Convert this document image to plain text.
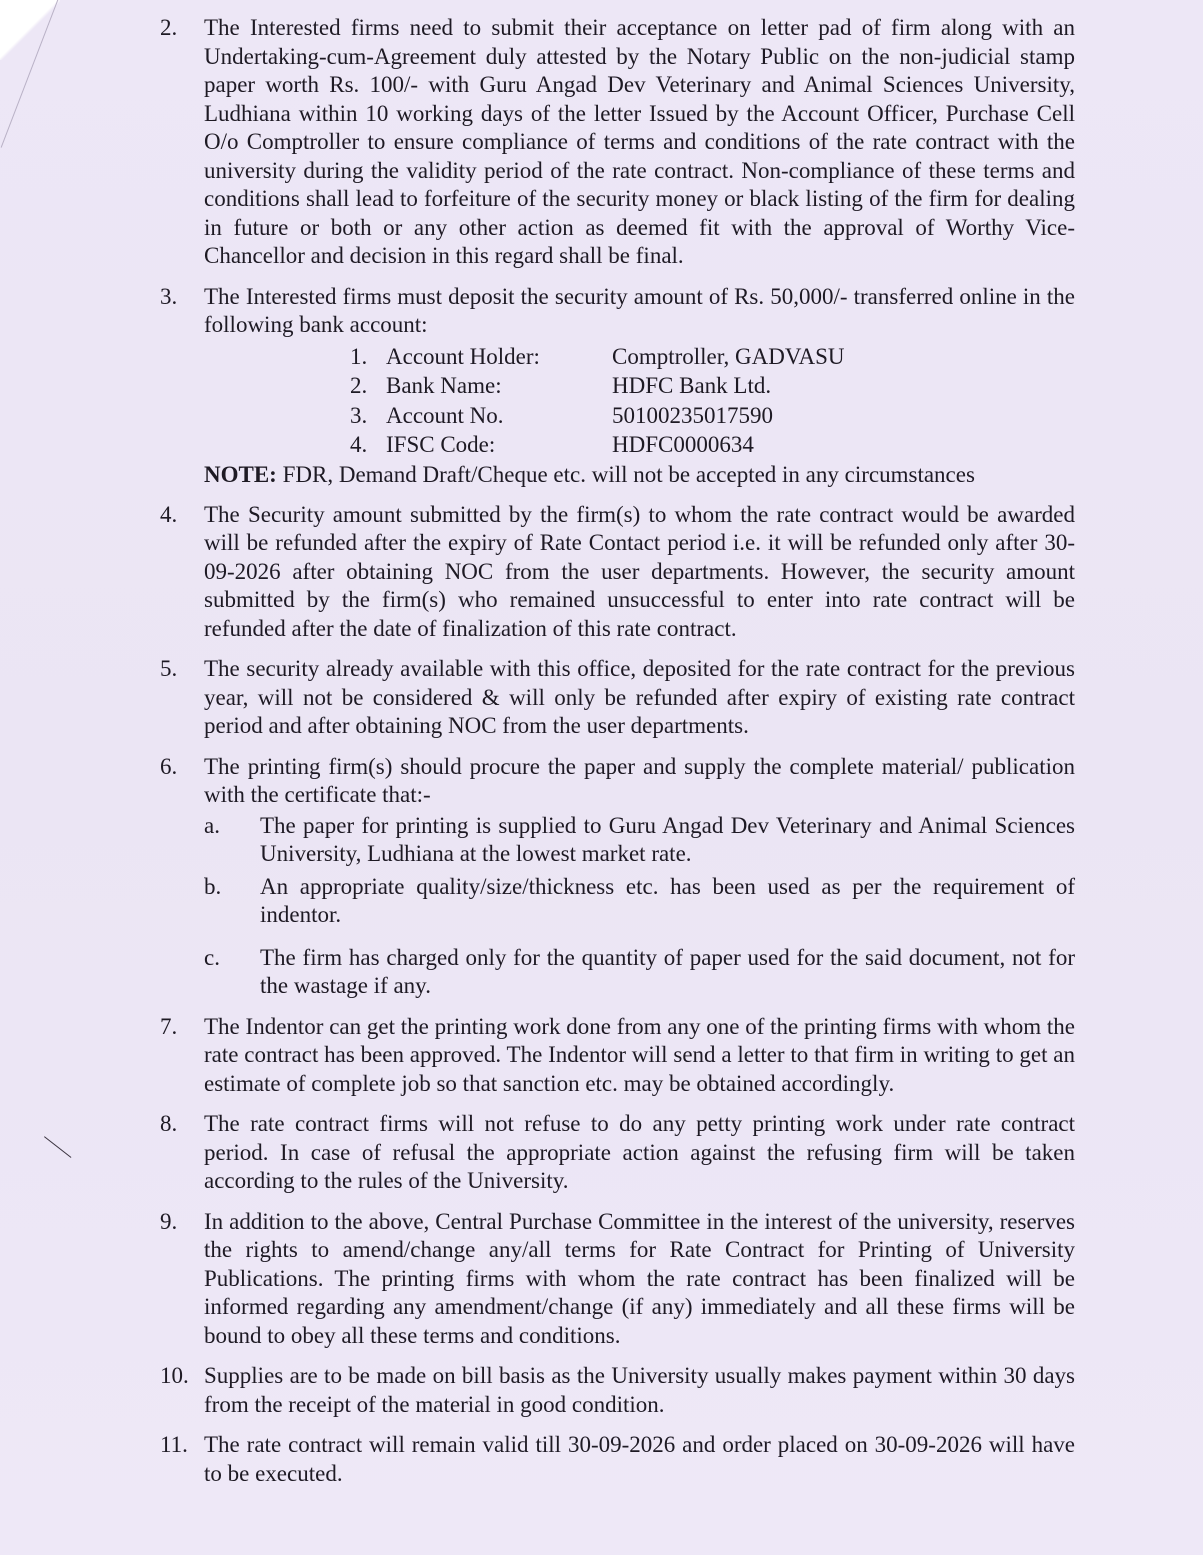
2.	The Interested firms need to submit their acceptance on letter pad of firm along with an Undertaking-cum-Agreement duly attested by the Notary Public on the non-judicial stamp paper worth Rs. 100/- with Guru Angad Dev Veterinary and Animal Sciences University, Ludhiana within 10 working days of the letter Issued by the Account Officer, Purchase Cell O/o Comptroller to ensure compliance of terms and conditions of the rate contract with the university during the validity period of the rate contract. Non-compliance of these terms and conditions shall lead to forfeiture of the security money or black listing of the firm for dealing in future or both or any other action as deemed fit with the approval of Worthy Vice-Chancellor and decision in this regard shall be final.
3.	The Interested firms must deposit the security amount of Rs. 50,000/- transferred online in the following bank account:
1. Account Holder:	Comptroller, GADVASU
2. Bank Name:	HDFC Bank Ltd.
3. Account No.	50100235017590
4. IFSC Code:	HDFC0000634
NOTE: FDR, Demand Draft/Cheque etc. will not be accepted in any circumstances
4.	The Security amount submitted by the firm(s) to whom the rate contract would be awarded will be refunded after the expiry of Rate Contact period i.e. it will be refunded only after 30-09-2026 after obtaining NOC from the user departments. However, the security amount submitted by the firm(s) who remained unsuccessful to enter into rate contract will be refunded after the date of finalization of this rate contract.
5.	The security already available with this office, deposited for the rate contract for the previous year, will not be considered & will only be refunded after expiry of existing rate contract period and after obtaining NOC from the user departments.
6.	The printing firm(s) should procure the paper and supply the complete material/ publication with the certificate that:-
a.	The paper for printing is supplied to Guru Angad Dev Veterinary and Animal Sciences University, Ludhiana at the lowest market rate.
b.	An appropriate quality/size/thickness etc. has been used as per the requirement of indentor.
c.	The firm has charged only for the quantity of paper used for the said document, not for the wastage if any.
7.	The Indentor can get the printing work done from any one of the printing firms with whom the rate contract has been approved. The Indentor will send a letter to that firm in writing to get an estimate of complete job so that sanction etc. may be obtained accordingly.
8.	The rate contract firms will not refuse to do any petty printing work under rate contract period. In case of refusal the appropriate action against the refusing firm will be taken according to the rules of the University.
9.	In addition to the above, Central Purchase Committee in the interest of the university, reserves the rights to amend/change any/all terms for Rate Contract for Printing of University Publications. The printing firms with whom the rate contract has been finalized will be informed regarding any amendment/change (if any) immediately and all these firms will be bound to obey all these terms and conditions.
10. Supplies are to be made on bill basis as the University usually makes payment within 30 days from the receipt of the material in good condition.
11. The rate contract will remain valid till 30-09-2026 and order placed on 30-09-2026 will have to be executed.
